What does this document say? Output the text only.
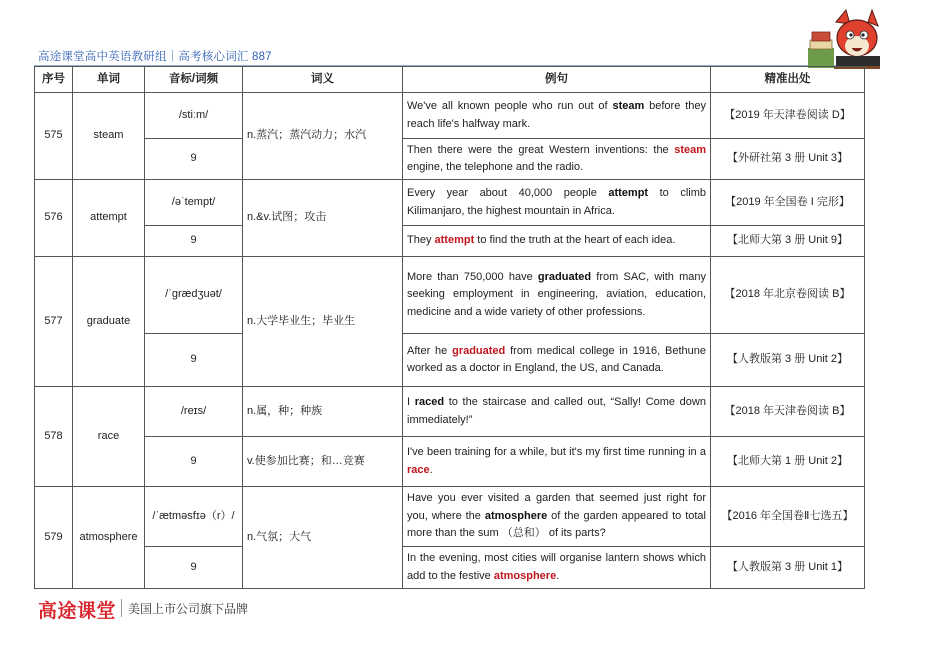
高途课堂高中英语教研组｜高考核心词汇 887
序号	单词	音标/词频	词义	例句	精准出处
575	steam	/stiːm/	n.蒸汽；蒸汽动力；水汽	We've all known people who run out of steam before they reach life's halfway mark.	【2019 年天津卷阅读 D】
		9		Then there were the great Western inventions: the steam engine, the telephone and the radio.	【外研社第 3 册 Unit 3】
576	attempt	/əˈtempt/	n.&v.试图；攻击	Every year about 40,000 people attempt to climb Kilimanjaro, the highest mountain in Africa.	【2019 年全国卷 I 完形】
		9		They attempt to find the truth at the heart of each idea.	【北师大第 3 册 Unit 9】
577	graduate	/ˈɡrædʒuət/	n.大学毕业生；毕业生	More than 750,000 have graduated from SAC, with many seeking employment in engineering, aviation, education, medicine and a wide variety of other professions.	【2018 年北京卷阅读 B】
		9		After he graduated from medical college in 1916, Bethune worked as a doctor in England, the US, and Canada.	【人教版第 3 册 Unit 2】
578	race	/reɪs/	n.属，种；种族	I raced to the staircase and called out, “Sally! Come down immediately!”	【2018 年天津卷阅读 B】
		9	v.使参加比赛；和…竞赛	I've been training for a while, but it's my first time running in a race.	【北师大第 1 册 Unit 2】
579	atmosphere	/ˈætməsfɪə（r）/	n.气氛；大气	Have you ever visited a garden that seemed just right for you, where the atmosphere of the garden appeared to total more than the sum （总和） of its parts?	【2016 年全国卷Ⅱ七选五】
		9		In the evening, most cities will organise lantern shows which add to the festive atmosphere.	【人教版第 3 册 Unit 1】
高途课堂 美国上市公司旗下品牌
